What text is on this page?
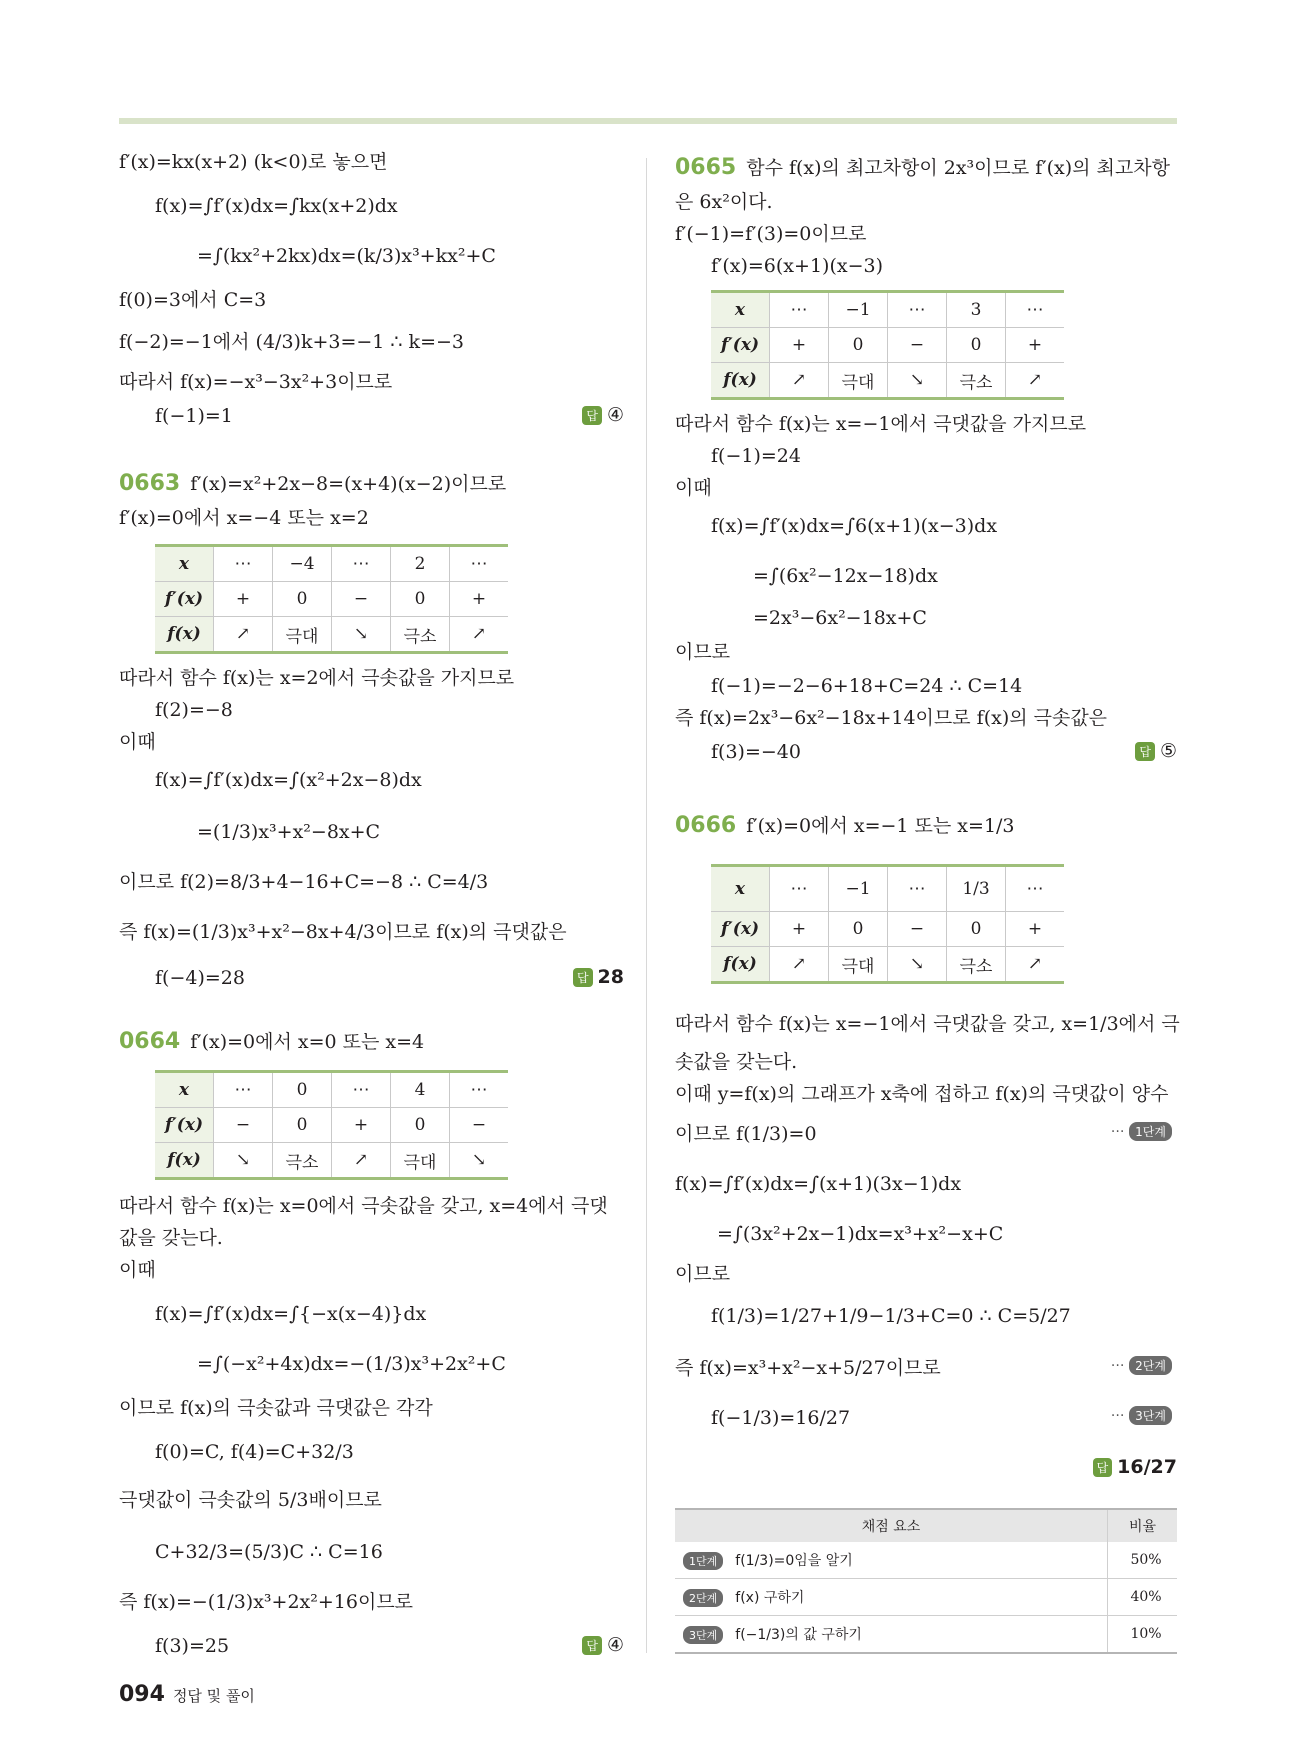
f′(x)=kx(x+2) (k<0)로 놓으면
f(x)=∫f′(x)dx=∫kx(x+2)dx
=∫(kx²+2kx)dx=(k/3)x³+kx²+C
f(0)=3에서 C=3
f(−2)=−1에서 (4/3)k+3=−1 ∴ k=−3
따라서 f(x)=−x³−3x²+3이므로
f(−1)=1	답 ④
0663 f′(x)=x²+2x−8=(x+4)(x−2)이므로
f′(x)=0에서 x=−4 또는 x=2
x	⋯	−4	⋯	2	⋯
f′(x)	+	0	−	0	+
f(x)	↗	극대	↘	극소	↗
따라서 함수 f(x)는 x=2에서 극솟값을 가지므로
f(2)=−8
이때
f(x)=∫f′(x)dx=∫(x²+2x−8)dx
=(1/3)x³+x²−8x+C
이므로 f(2)=8/3+4−16+C=−8 ∴ C=4/3
즉 f(x)=(1/3)x³+x²−8x+4/3이므로 f(x)의 극댓값은
f(−4)=28	답 28
0664 f′(x)=0에서 x=0 또는 x=4
x	⋯	0	⋯	4	⋯
f′(x)	−	0	+	0	−
f(x)	↘	극소	↗	극대	↘
따라서 함수 f(x)는 x=0에서 극솟값을 갖고, x=4에서 극댓
값을 갖는다.
이때
f(x)=∫f′(x)dx=∫{−x(x−4)}dx
=∫(−x²+4x)dx=−(1/3)x³+2x²+C
이므로 f(x)의 극솟값과 극댓값은 각각
f(0)=C, f(4)=C+32/3
극댓값이 극솟값의 5/3배이므로
C+32/3=(5/3)C ∴ C=16
즉 f(x)=−(1/3)x³+2x²+16이므로
f(3)=25	답 ④
0665 함수 f(x)의 최고차항이 2x³이므로 f′(x)의 최고차항
은 6x²이다.
f′(−1)=f′(3)=0이므로
f′(x)=6(x+1)(x−3)
x	⋯	−1	⋯	3	⋯
f′(x)	+	0	−	0	+
f(x)	↗	극대	↘	극소	↗
따라서 함수 f(x)는 x=−1에서 극댓값을 가지므로
f(−1)=24
이때
f(x)=∫f′(x)dx=∫6(x+1)(x−3)dx
=∫(6x²−12x−18)dx
=2x³−6x²−18x+C
이므로
f(−1)=−2−6+18+C=24 ∴ C=14
즉 f(x)=2x³−6x²−18x+14이므로 f(x)의 극솟값은
f(3)=−40	답 ⑤
0666 f′(x)=0에서 x=−1 또는 x=1/3
x	⋯	−1	⋯	1/3	⋯
f′(x)	+	0	−	0	+
f(x)	↗	극대	↘	극소	↗
따라서 함수 f(x)는 x=−1에서 극댓값을 갖고, x=1/3에서 극
솟값을 갖는다.
이때 y=f(x)의 그래프가 x축에 접하고 f(x)의 극댓값이 양수
이므로 f(1/3)=0	⋯ 1단계
f(x)=∫f′(x)dx=∫(x+1)(3x−1)dx
=∫(3x²+2x−1)dx=x³+x²−x+C
이므로
f(1/3)=1/27+1/9−1/3+C=0 ∴ C=5/27
즉 f(x)=x³+x²−x+5/27이므로	⋯ 2단계
f(−1/3)=16/27	⋯ 3단계
답 16/27
채점 요소	비율
1단계 f(1/3)=0임을 알기	50%
2단계 f(x) 구하기	40%
3단계 f(−1/3)의 값 구하기	10%
094 정답 및 풀이
